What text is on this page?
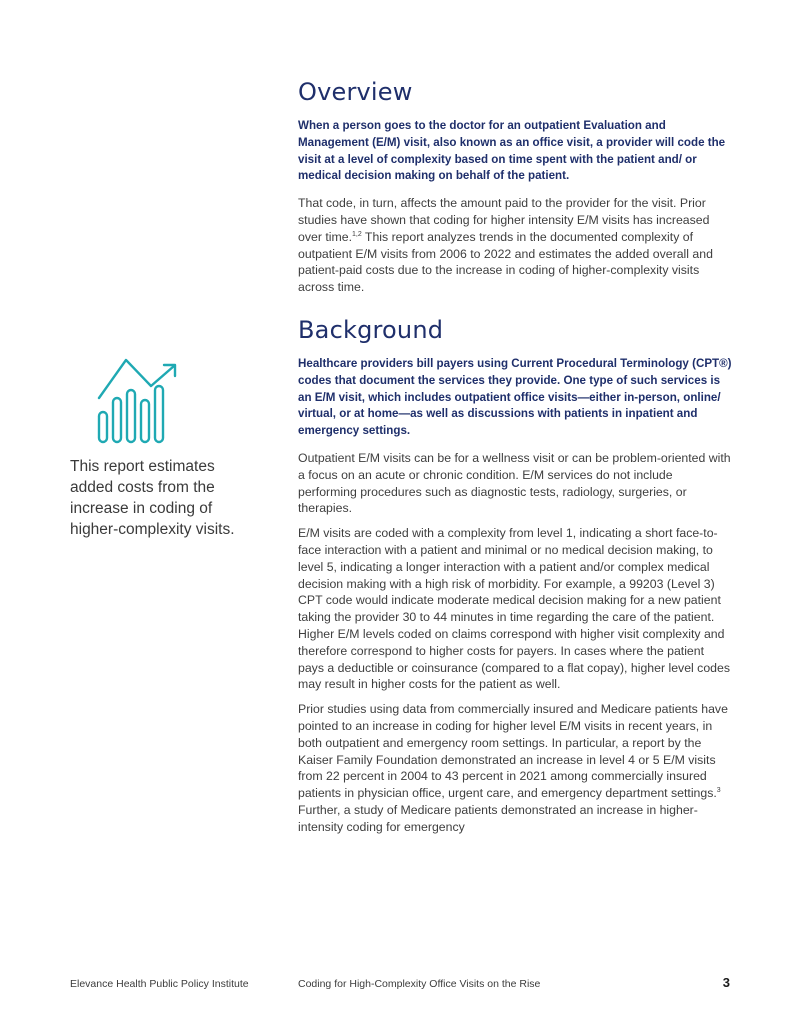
Overview

When a person goes to the doctor for an outpatient Evaluation and Management (E/M) visit, also known as an office visit, a provider will code the visit at a level of complexity based on time spent with the patient and/ or medical decision making on behalf of the patient.

That code, in turn, affects the amount paid to the provider for the visit. Prior studies have shown that coding for higher intensity E/M visits has increased over time.$^{1,2}$ This report analyzes trends in the documented complexity of outpatient E/M visits from 2006 to 2022 and estimates the added overall and patient-paid costs due to the increase in coding of higher-complexity visits across time.

Background

Healthcare providers bill payers using Current Procedural Terminology (CPT®) codes that document the services they provide. One type of such services is an E/M visit, which includes outpatient office visits—either in-person, online/ virtual, or at home—as well as discussions with patients in inpatient and emergency settings.

Outpatient E/M visits can be for a wellness visit or can be problem-oriented with a focus on an acute or chronic condition. E/M services do not include performing procedures such as diagnostic tests, radiology, surgeries, or therapies.

E/M visits are coded with a complexity from level 1, indicating a short face-to-face interaction with a patient and minimal or no medical decision making, to level 5, indicating a longer interaction with a patient and/or complex medical decision making with a high risk of morbidity. For example, a 99203 (Level 3) CPT code would indicate moderate medical decision making for a new patient taking the provider 30 to 44 minutes in time regarding the care of the patient. Higher E/M levels coded on claims correspond with higher visit complexity and therefore correspond to higher costs for payers. In cases where the patient pays a deductible or coinsurance (compared to a flat copay), higher level codes may result in higher costs for the patient as well.

Prior studies using data from commercially insured and Medicare patients have pointed to an increase in coding for higher level E/M visits in recent years, in both outpatient and emergency room settings. In particular, a report by the Kaiser Family Foundation demonstrated an increase in level 4 or 5 E/M visits from 22 percent in 2004 to 43 percent in 2021 among commercially insured patients in physician office, urgent care, and emergency department settings.$^3$ Further, a study of Medicare patients demonstrated an increase in higher-intensity coding for emergency

This report estimates added costs from the increase in coding of higher-complexity visits.
Elevance Health Public Policy Institute	Coding for High-Complexity Office Visits on the Rise	3
